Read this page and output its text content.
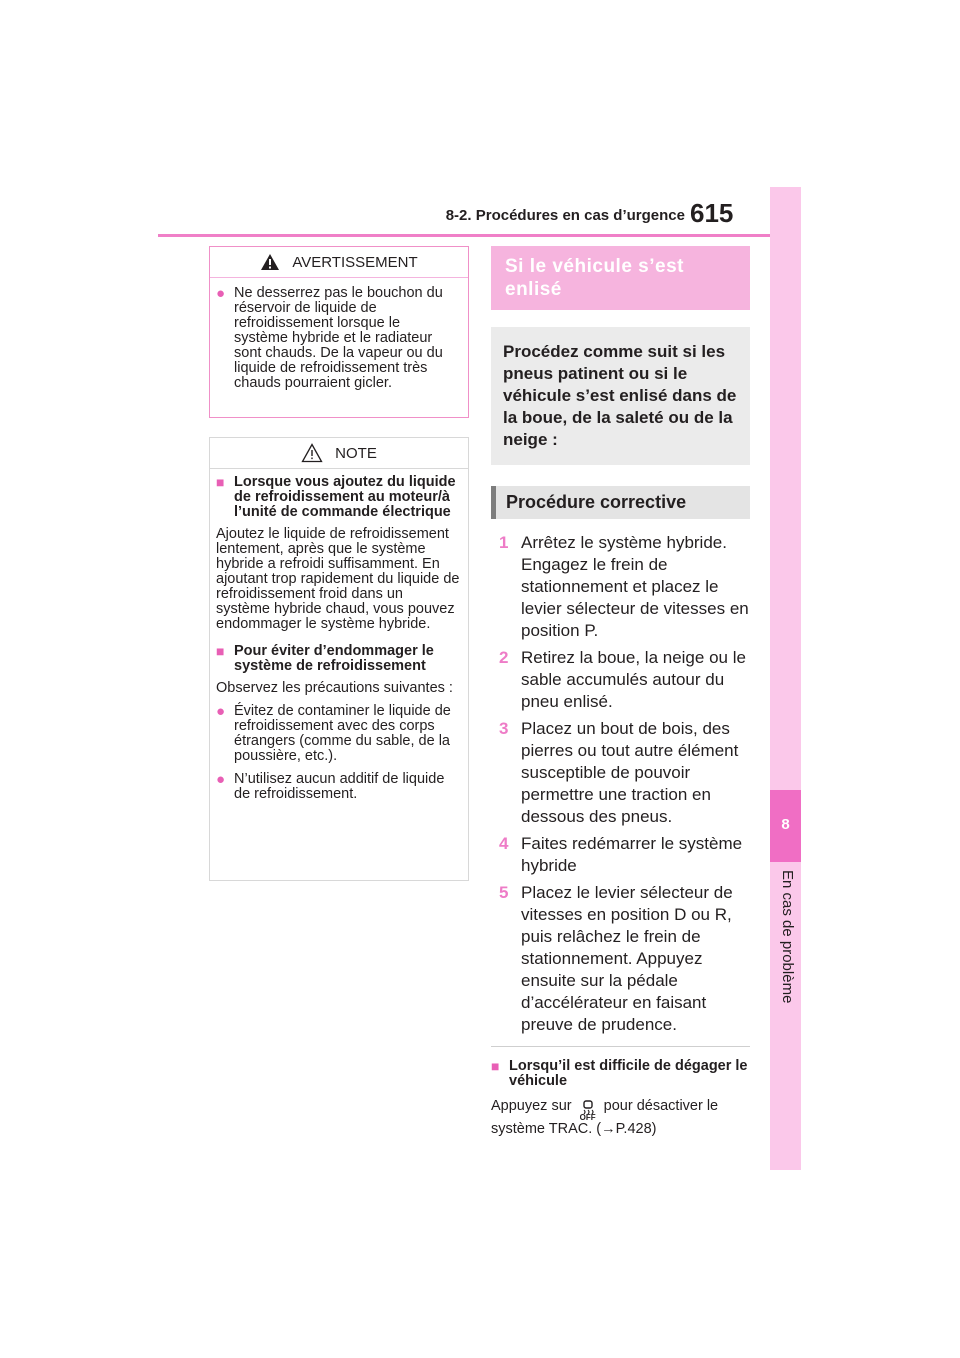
8-2. Procédures en cas d’urgence 615
8
En cas de problème
AVERTISSEMENT
● Ne desserrez pas le bouchon du réservoir de liquide de refroidissement lorsque le système hybride et le radiateur sont chauds. De la vapeur ou du liquide de refroidissement très chauds pourraient gicler.
NOTE
■ Lorsque vous ajoutez du liquide de refroidissement au moteur/à l’unité de commande électrique
Ajoutez le liquide de refroidissement lentement, après que le système hybride a refroidi suffisamment. En ajoutant trop rapidement du liquide de refroidissement froid dans un système hybride chaud, vous pouvez endommager le système hybride.
■ Pour éviter d’endommager le système de refroidissement
Observez les précautions suivantes :
● Évitez de contaminer le liquide de refroidissement avec des corps étrangers (comme du sable, de la poussière, etc.).
● N’utilisez aucun additif de liquide de refroidissement.
Si le véhicule s’est enlisé
Procédez comme suit si les pneus patinent ou si le véhicule s’est enlisé dans de la boue, de la saleté ou de la neige :
Procédure corrective
1 Arrêtez le système hybride. Engagez le frein de stationnement et placez le levier sélecteur de vitesses en position P.
2 Retirez la boue, la neige ou le sable accumulés autour du pneu enlisé.
3 Placez un bout de bois, des pierres ou tout autre élément susceptible de pouvoir permettre une traction en dessous des pneus.
4 Faites redémarrer le système hybride
5 Placez le levier sélecteur de vitesses en position D ou R, puis relâchez le frein de stationnement. Appuyez ensuite sur la pédale d’accélérateur en faisant preuve de prudence.
■ Lorsqu’il est difficile de dégager le véhicule
Appuyez sur
OFF
pour désactiver le système TRAC. (→P.428)
